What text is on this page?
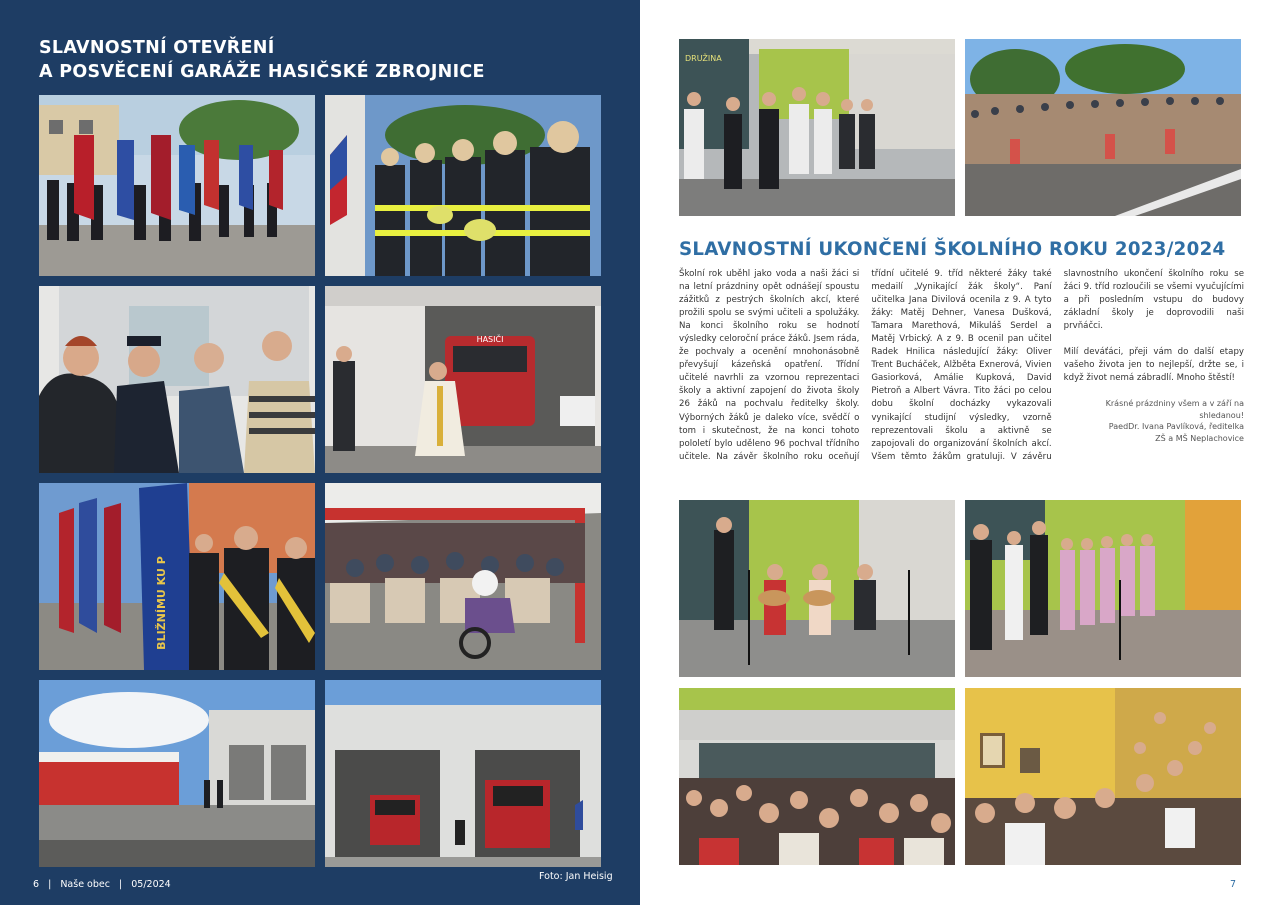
SLAVNOSTNÍ OTEVŘENÍ
A POSVĚCENÍ GARÁŽE HASIČSKÉ ZBROJNICE
HASIČI
BLIŽNÍMU KU P
Foto: Jan Heisig
6 | Naše obec | 05/2024
DRUŽINA
SLAVNOSTNÍ UKONČENÍ ŠKOLNÍHO ROKU 2023/2024

Školní rok uběhl jako voda a naši žáci si na letní prázdniny opět odnášejí spoustu zážitků z pestrých školních akcí, které prožili spolu se svými učiteli a spolužáky. Na konci školního roku se hodnotí výsledky celoroční práce žáků. Jsem ráda, že pochvaly a ocenění mnohonásobně převyšují kázeňská opatření. Třídní učitelé navrhli za vzornou reprezentaci školy a aktivní zapojení do života školy 26 žáků na pochvalu ředitelky školy. Výborných žáků je daleko více, svědčí o tom i skutečnost, že na konci tohoto pololetí bylo uděleno 96 pochval třídního učitele. Na závěr školního roku oceňují třídní učitelé 9. tříd některé žáky také medailí „Vynikající žák školy“. Paní učitelka Jana Divilová ocenila z 9. A tyto žáky: Matěj Dehner, Vanesa Dušková, Tamara Marethová, Mikuláš Serdel a Matěj Vrbický. A z 9. B ocenil pan učitel Radek Hnilica následující žáky: Oliver Trent Bucháček, Alžběta Exnerová, Vivien Gasiorková, Amálie Kupková, David Pietroň a Albert Vávra. Tito žáci po celou dobu školní docházky vykazovali vynikající studijní výsledky, vzorně reprezentovali školu a aktivně se zapojovali do organizování školních akcí. Všem těmto žákům gratuluji. V závěru slavnostního ukončení školního roku se žáci 9. tříd rozloučili se všemi vyučujícími a při posledním vstupu do budovy základní školy je doprovodili naši prvňáčci.

Milí deváťáci, přeji vám do další etapy vašeho života jen to nejlepší, držte se, i když život nemá zábradlí. Mnoho štěstí!

Krásné prázdniny všem a v září na shledanou!
PaedDr. Ivana Pavlíková, ředitelka
ZŠ a MŠ Neplachovice
7
